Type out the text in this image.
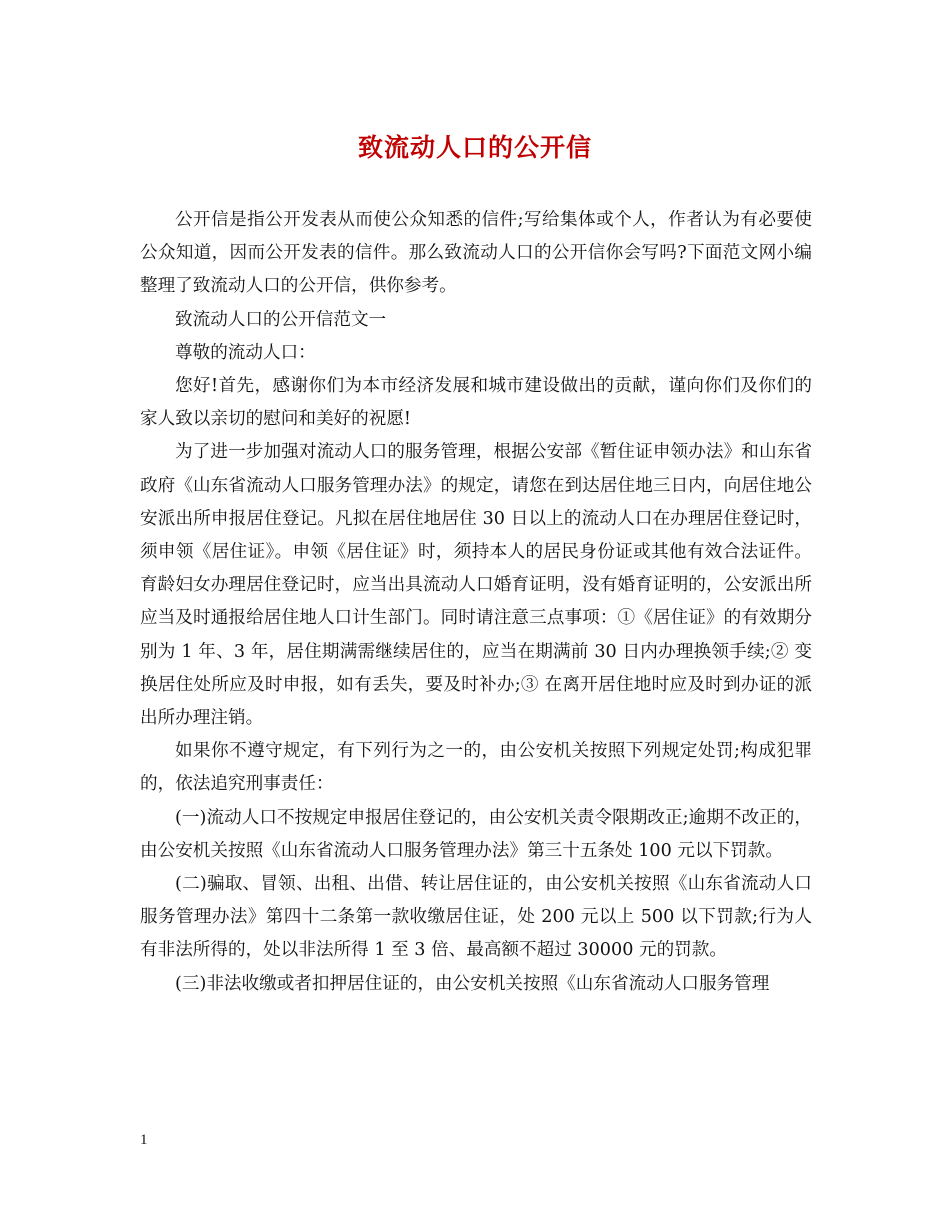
致流动人口的公开信

公开信是指公开发表从而使公众知悉的信件;写给集体或个人，作者认为有必要使公众知道，因而公开发表的信件。那么致流动人口的公开信你会写吗?下面范文网小编整理了致流动人口的公开信，供你参考。

致流动人口的公开信范文一

尊敬的流动人口：

您好!首先，感谢你们为本市经济发展和城市建设做出的贡献，谨向你们及你们的家人致以亲切的慰问和美好的祝愿!

为了进一步加强对流动人口的服务管理，根据公安部《暂住证申领办法》和山东省政府《山东省流动人口服务管理办法》的规定，请您在到达居住地三日内，向居住地公安派出所申报居住登记。凡拟在居住地居住 30 日以上的流动人口在办理居住登记时，须申领《居住证》。申领《居住证》时，须持本人的居民身份证或其他有效合法证件。育龄妇女办理居住登记时，应当出具流动人口婚育证明，没有婚育证明的，公安派出所应当及时通报给居住地人口计生部门。同时请注意三点事项：①《居住证》的有效期分别为 1 年、3 年，居住期满需继续居住的，应当在期满前 30 日内办理换领手续;② 变换居住处所应及时申报，如有丢失，要及时补办;③ 在离开居住地时应及时到办证的派出所办理注销。

如果你不遵守规定，有下列行为之一的，由公安机关按照下列规定处罚;构成犯罪的，依法追究刑事责任：

(一)流动人口不按规定申报居住登记的，由公安机关责令限期改正;逾期不改正的，由公安机关按照《山东省流动人口服务管理办法》第三十五条处 100 元以下罚款。

(二)骗取、冒领、出租、出借、转让居住证的，由公安机关按照《山东省流动人口服务管理办法》第四十二条第一款收缴居住证，处 200 元以上 500 以下罚款;行为人有非法所得的，处以非法所得 1 至 3 倍、最高额不超过 30000 元的罚款。

(三)非法收缴或者扣押居住证的，由公安机关按照《山东省流动人口服务管理

1
